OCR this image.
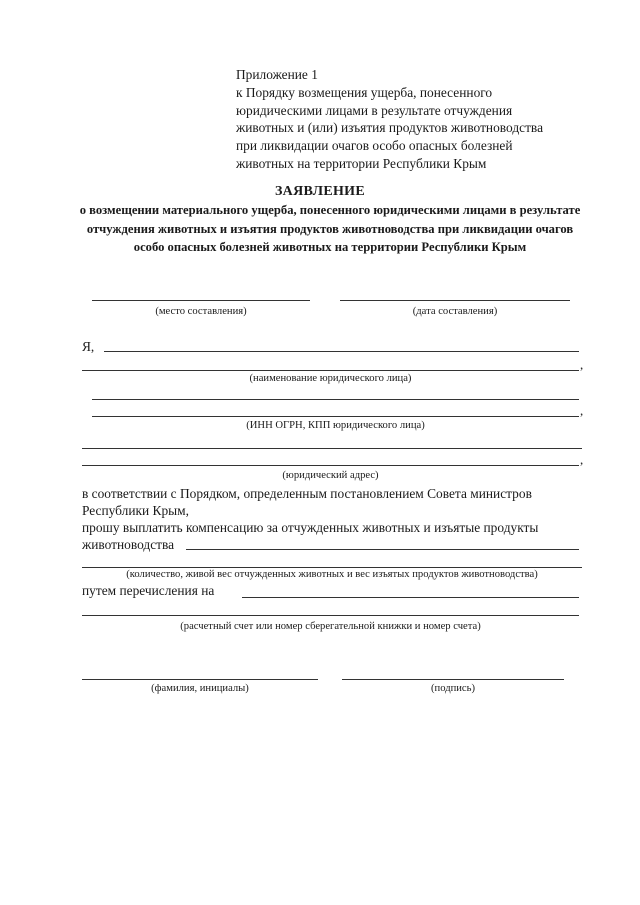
Приложение 1
к Порядку возмещения ущерба, понесенного
юридическими лицами в результате отчуждения
животных и (или) изъятия продуктов животноводства
при ликвидации очагов особо опасных болезней
животных на территории Республики Крым
ЗАЯВЛЕНИЕ
о возмещении материального ущерба, понесенного юридическими лицами в результате отчуждения животных и изъятия продуктов животноводства при ликвидации очагов особо опасных болезней животных на территории Республики Крым
(место составления)	(дата составления)
Я,
,
(наименование юридического лица)
,
(ИНН ОГРН, КПП юридического лица)
,
(юридический адрес)
в соответствии с Порядком, определенным постановлением Совета министров
Республики Крым,
прошу выплатить компенсацию за отчужденных животных и изъятые продукты
животноводства
(количество, живой вес отчужденных животных и вес изъятых продуктов животноводства)
путем перечисления на
(расчетный счет или номер сберегательной книжки и номер счета)
(фамилия, инициалы)	(подпись)
